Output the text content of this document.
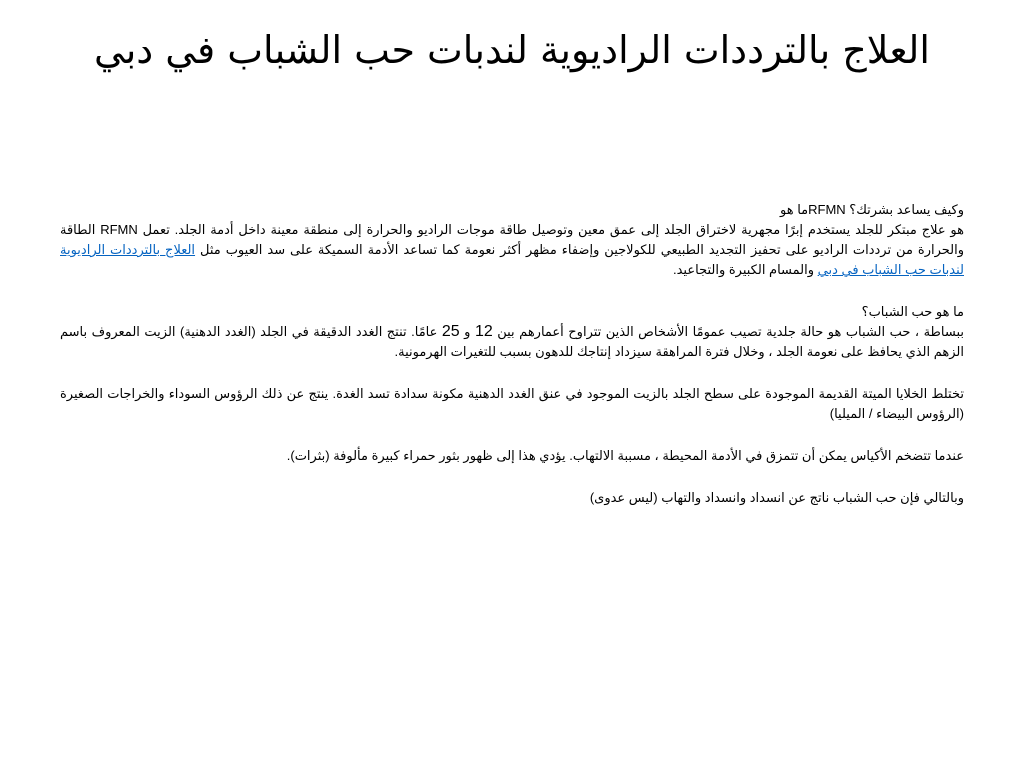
العلاج بالترددات الراديوية لندبات حب الشباب في دبي

وكيف يساعد بشرتك؟ RFMNما هو

هو علاج مبتكر للجلد يستخدم إبرًا مجهرية لاختراق الجلد إلى عمق معين وتوصيل طاقة موجات الراديو والحرارة إلى منطقة معينة داخل أدمة الجلد. تعمل RFMN الطاقة والحرارة من ترددات الراديو على تحفيز التجديد الطبيعي للكولاجين وإضفاء مظهر أكثر نعومة كما تساعد الأدمة السميكة على سد العيوب مثل العلاج بالترددات الراديوية لندبات حب الشباب في دبي والمسام الكبيرة والتجاعيد.

ما هو حب الشباب؟

ببساطة ، حب الشباب هو حالة جلدية تصيب عمومًا الأشخاص الذين تتراوح أعمارهم بين 12 و 25 عامًا. تنتج الغدد الدقيقة في الجلد (الغدد الدهنية) الزيت المعروف باسم الزهم الذي يحافظ على نعومة الجلد ، وخلال فترة المراهقة سيزداد إنتاجك للدهون بسبب للتغيرات الهرمونية.

تختلط الخلايا الميتة القديمة الموجودة على سطح الجلد بالزيت الموجود في عنق الغدد الدهنية مكونة سدادة تسد الغدة. ينتج عن ذلك الرؤوس السوداء والخراجات الصغيرة (الرؤوس البيضاء / الميليا)

عندما تتضخم الأكياس يمكن أن تتمزق في الأدمة المحيطة ، مسببة الالتهاب. يؤدي هذا إلى ظهور بثور حمراء كبيرة مألوفة (بثرات).

وبالتالي فإن حب الشباب ناتج عن انسداد وانسداد والتهاب (ليس عدوى)
